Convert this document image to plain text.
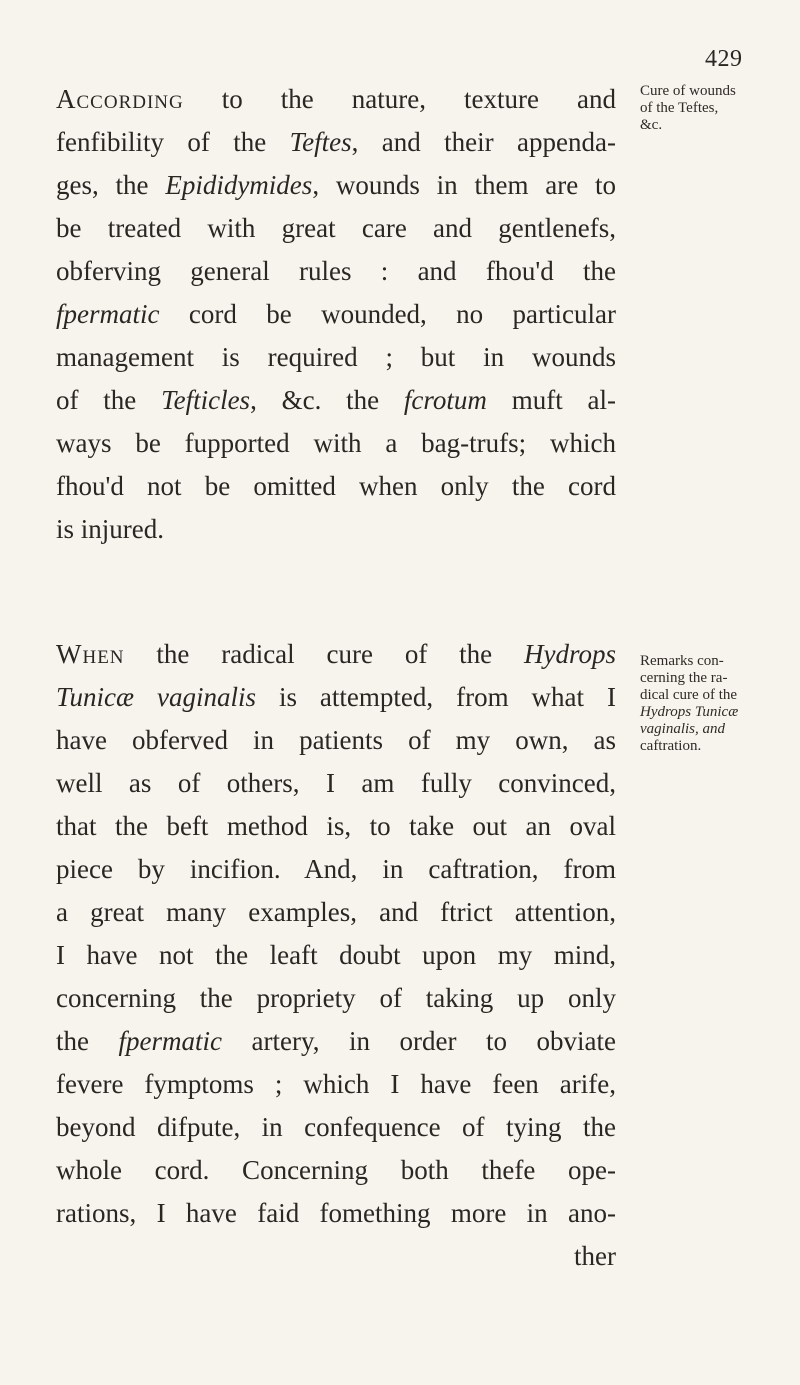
429
According to the nature, texture and
fenfibility of the Teftes, and their appenda-
ges, the Epididymides, wounds in them are to
be treated with great care and gentlenefs,
obferving general rules : and fhou'd the
fpermatic cord be wounded, no particular
management is required ; but in wounds
of the Tefticles, &c. the fcrotum muft al-
ways be fupported with a bag-trufs; which
fhou'd not be omitted when only the cord
is injured.
Cure of wounds
of the Teftes,
&c.
When the radical cure of the Hydrops
Tunicæ vaginalis is attempted, from what I
have obferved in patients of my own, as
well as of others, I am fully convinced,
that the beft method is, to take out an oval
piece by incifion. And, in caftration, from
a great many examples, and ftrict attention,
I have not the leaft doubt upon my mind,
concerning the propriety of taking up only
the fpermatic artery, in order to obviate
fevere fymptoms ; which I have feen arife,
beyond difpute, in confequence of tying the
whole cord. Concerning both thefe ope-
rations, I have faid fomething more in ano-
ther
Remarks con-
cerning the ra-
dical cure of the
Hydrops Tunicæ
vaginalis, and
caftration.
